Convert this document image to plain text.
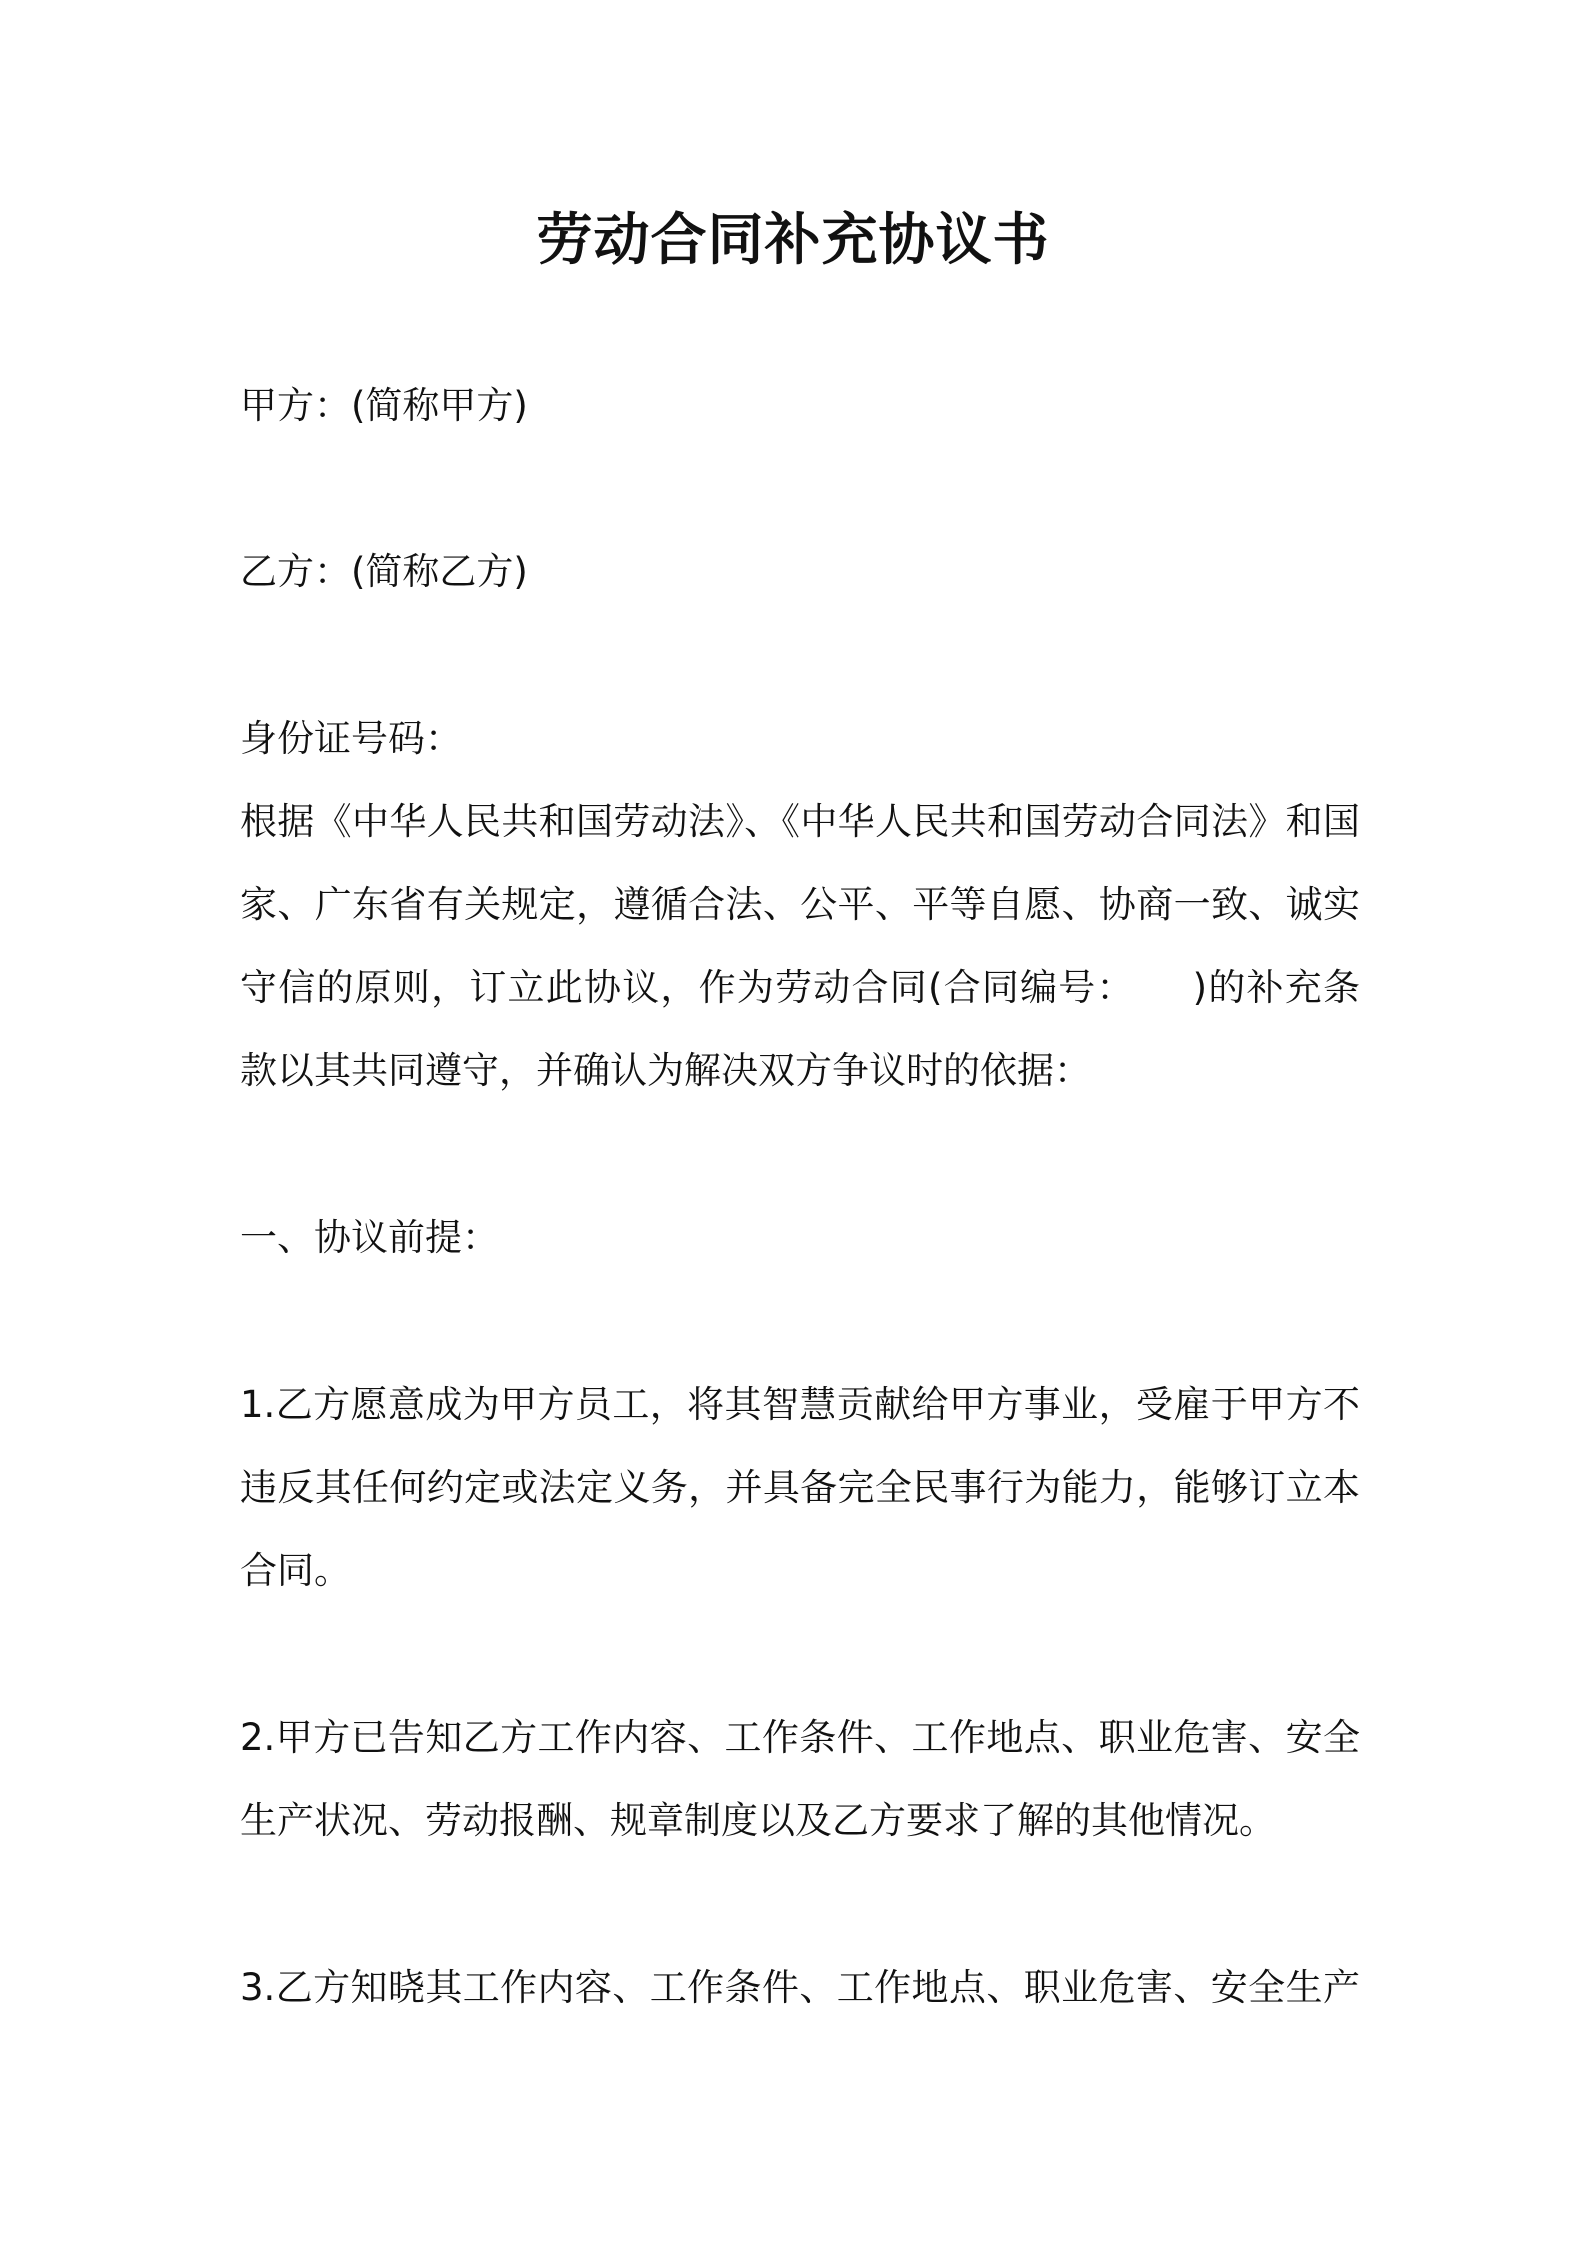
劳动合同补充协议书
甲方：(简称甲方)
乙方：(简称乙方)
身份证号码：
根据《中华人民共和国劳动法》、《中华人民共和国劳动合同法》和国
家、广东省有关规定，遵循合法、公平、平等自愿、协商一致、诚实
守信的原则，订立此协议，作为劳动合同(合同编号：　　)的补充条
款以其共同遵守，并确认为解决双方争议时的依据：
一、协议前提：
1.乙方愿意成为甲方员工，将其智慧贡献给甲方事业，受雇于甲方不
违反其任何约定或法定义务，并具备完全民事行为能力，能够订立本
合同。
2.甲方已告知乙方工作内容、工作条件、工作地点、职业危害、安全
生产状况、劳动报酬、规章制度以及乙方要求了解的其他情况。
3.乙方知晓其工作内容、工作条件、工作地点、职业危害、安全生产
